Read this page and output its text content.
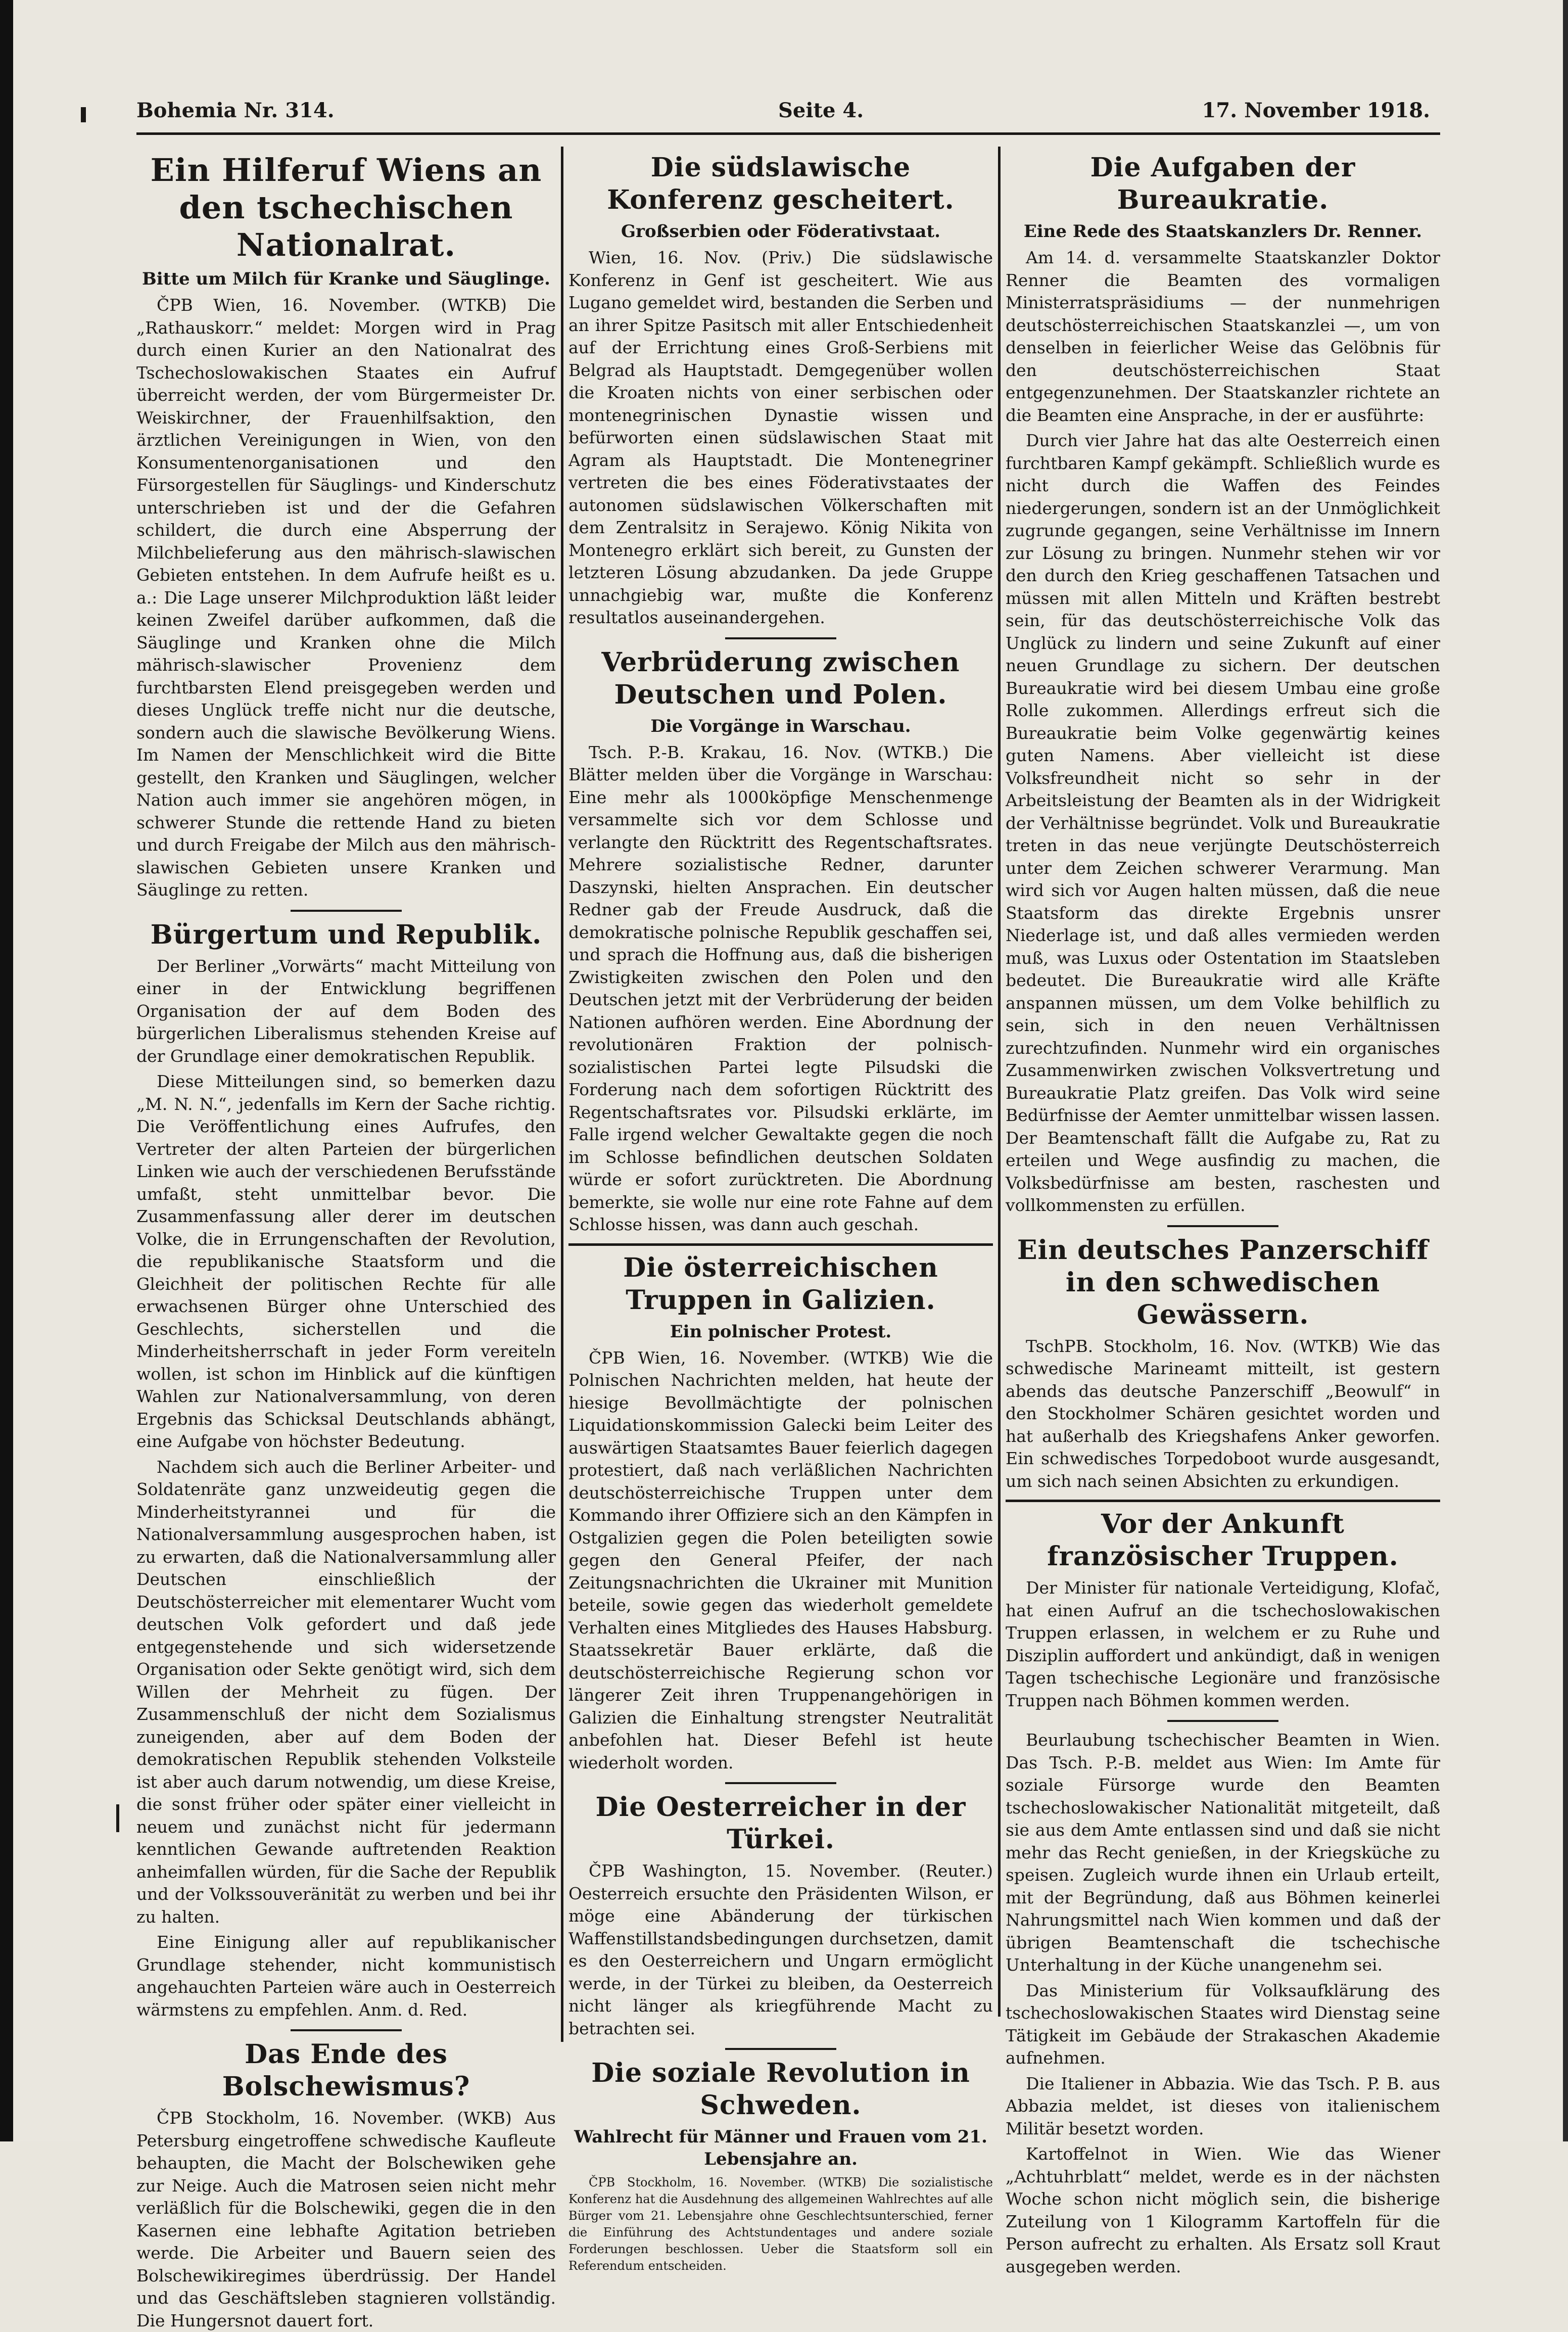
Bohemia Nr. 314.	Seite 4.	17. November 1918.
Ein Hilferuf Wiens an den tschechischen Nationalrat.
Bitte um Milch für Kranke und Säuglinge.

ČPB Wien, 16. November. (WTKB) Die „Rathauskorr.“ meldet: Morgen wird in Prag durch einen Kurier an den Nationalrat des Tschechoslowakischen Staates ein Aufruf überreicht werden, der vom Bürgermeister Dr. Weiskirchner, der Frauenhilfsaktion, den ärztlichen Vereinigungen in Wien, von den Konsumentenorganisationen und den Fürsorgestellen für Säuglings- und Kinderschutz unterschrieben ist und der die Gefahren schildert, die durch eine Absperrung der Milchbelieferung aus den mährisch-slawischen Gebieten entstehen. In dem Aufrufe heißt es u. a.: Die Lage unserer Milchproduktion läßt leider keinen Zweifel darüber aufkommen, daß die Säuglinge und Kranken ohne die Milch mährisch-slawischer Provenienz dem furchtbarsten Elend preisgegeben werden und dieses Unglück treffe nicht nur die deutsche, sondern auch die slawische Bevölkerung Wiens. Im Namen der Menschlichkeit wird die Bitte gestellt, den Kranken und Säuglingen, welcher Nation auch immer sie angehören mögen, in schwerer Stunde die rettende Hand zu bieten und durch Freigabe der Milch aus den mährisch-slawischen Gebieten unsere Kranken und Säuglinge zu retten.

Bürgertum und Republik.

Der Berliner „Vorwärts“ macht Mitteilung von einer in der Entwicklung begriffenen Organisation der auf dem Boden des bürgerlichen Liberalismus stehenden Kreise auf der Grundlage einer demokratischen Republik.

Diese Mitteilungen sind, so bemerken dazu „M. N. N.“, jedenfalls im Kern der Sache richtig. Die Veröffentlichung eines Aufrufes, den Vertreter der alten Parteien der bürgerlichen Linken wie auch der verschiedenen Berufsstände umfaßt, steht unmittelbar bevor. Die Zusammenfassung aller derer im deutschen Volke, die in Errungenschaften der Revolution, die republikanische Staatsform und die Gleichheit der politischen Rechte für alle erwachsenen Bürger ohne Unterschied des Geschlechts, sicherstellen und die Minderheitsherrschaft in jeder Form vereiteln wollen, ist schon im Hinblick auf die künftigen Wahlen zur Nationalversammlung, von deren Ergebnis das Schicksal Deutschlands abhängt, eine Aufgabe von höchster Bedeutung.

Nachdem sich auch die Berliner Arbeiter- und Soldatenräte ganz unzweideutig gegen die Minderheitstyrannei und für die Nationalversammlung ausgesprochen haben, ist zu erwarten, daß die Nationalversammlung aller Deutschen einschließlich der Deutschösterreicher mit elementarer Wucht vom deutschen Volk gefordert und daß jede entgegenstehende und sich widersetzende Organisation oder Sekte genötigt wird, sich dem Willen der Mehrheit zu fügen. Der Zusammenschluß der nicht dem Sozialismus zuneigenden, aber auf dem Boden der demokratischen Republik stehenden Volksteile ist aber auch darum notwendig, um diese Kreise, die sonst früher oder später einer vielleicht in neuem und zunächst nicht für jedermann kenntlichen Gewande auftretenden Reaktion anheimfallen würden, für die Sache der Republik und der Volkssouveränität zu werben und bei ihr zu halten.

Eine Einigung aller auf republikanischer Grundlage stehender, nicht kommunistisch angehauchten Parteien wäre auch in Oesterreich wärmstens zu empfehlen. Anm. d. Red.

Das Ende des Bolschewismus?

ČPB Stockholm, 16. November. (WKB) Aus Petersburg eingetroffene schwedische Kaufleute behaupten, die Macht der Bolschewiken gehe zur Neige. Auch die Matrosen seien nicht mehr verläßlich für die Bolschewiki, gegen die in den Kasernen eine lebhafte Agitation betrieben werde. Die Arbeiter und Bauern seien des Bolschewikiregimes überdrüssig. Der Handel und das Geschäftsleben stagnieren vollständig. Die Hungersnot dauert fort.

Die südslawische Konferenz gescheitert.
Großserbien oder Föderativstaat.

Wien, 16. Nov. (Priv.) Die südslawische Konferenz in Genf ist gescheitert. Wie aus Lugano gemeldet wird, bestanden die Serben und an ihrer Spitze Pasitsch mit aller Entschiedenheit auf der Errichtung eines Groß-Serbiens mit Belgrad als Hauptstadt. Demgegenüber wollen die Kroaten nichts von einer serbischen oder montenegrinischen Dynastie wissen und befürworten einen südslawischen Staat mit Agram als Hauptstadt. Die Montenegriner vertreten die bes eines Föderativstaates der autonomen südslawischen Völkerschaften mit dem Zentralsitz in Serajewo. König Nikita von Montenegro erklärt sich bereit, zu Gunsten der letzteren Lösung abzudanken. Da jede Gruppe unnachgiebig war, mußte die Konferenz resultatlos auseinandergehen.

Verbrüderung zwischen Deutschen und Polen.
Die Vorgänge in Warschau.

Tsch. P.-B. Krakau, 16. Nov. (WTKB.) Die Blätter melden über die Vorgänge in Warschau: Eine mehr als 1000köpfige Menschenmenge versammelte sich vor dem Schlosse und verlangte den Rücktritt des Regentschaftsrates. Mehrere sozialistische Redner, darunter Daszynski, hielten Ansprachen. Ein deutscher Redner gab der Freude Ausdruck, daß die demokratische polnische Republik geschaffen sei, und sprach die Hoffnung aus, daß die bisherigen Zwistigkeiten zwischen den Polen und den Deutschen jetzt mit der Verbrüderung der beiden Nationen aufhören werden. Eine Abordnung der revolutionären Fraktion der polnisch-sozialistischen Partei legte Pilsudski die Forderung nach dem sofortigen Rücktritt des Regentschaftsrates vor. Pilsudski erklärte, im Falle irgend welcher Gewaltakte gegen die noch im Schlosse befindlichen deutschen Soldaten würde er sofort zurücktreten. Die Abordnung bemerkte, sie wolle nur eine rote Fahne auf dem Schlosse hissen, was dann auch geschah.

Die österreichischen Truppen in Galizien.
Ein polnischer Protest.

ČPB Wien, 16. November. (WTKB) Wie die Polnischen Nachrichten melden, hat heute der hiesige Bevollmächtigte der polnischen Liquidationskommission Galecki beim Leiter des auswärtigen Staatsamtes Bauer feierlich dagegen protestiert, daß nach verläßlichen Nachrichten deutschösterreichische Truppen unter dem Kommando ihrer Offiziere sich an den Kämpfen in Ostgalizien gegen die Polen beteiligten sowie gegen den General Pfeifer, der nach Zeitungsnachrichten die Ukrainer mit Munition beteile, sowie gegen das wiederholt gemeldete Verhalten eines Mitgliedes des Hauses Habsburg. Staatssekretär Bauer erklärte, daß die deutschösterreichische Regierung schon vor längerer Zeit ihren Truppenangehörigen in Galizien die Einhaltung strengster Neutralität anbefohlen hat. Dieser Befehl ist heute wiederholt worden.

Die Oesterreicher in der Türkei.

ČPB Washington, 15. November. (Reuter.) Oesterreich ersuchte den Präsidenten Wilson, er möge eine Abänderung der türkischen Waffenstillstandsbedingungen durchsetzen, damit es den Oesterreichern und Ungarn ermöglicht werde, in der Türkei zu bleiben, da Oesterreich nicht länger als kriegführende Macht zu betrachten sei.

Die soziale Revolution in Schweden.
Wahlrecht für Männer und Frauen vom 21. Lebensjahre an.

ČPB Stockholm, 16. November. (WTKB) Die sozialistische Konferenz hat die Ausdehnung des allgemeinen Wahlrechtes auf alle Bürger vom 21. Lebensjahre ohne Geschlechtsunterschied, ferner die Einführung des Achtstundentages und andere soziale Forderungen beschlossen. Ueber die Staatsform soll ein Referendum entscheiden.

Die Aufgaben der Bureaukratie.
Eine Rede des Staatskanzlers Dr. Renner.

Am 14. d. versammelte Staatskanzler Doktor Renner die Beamten des vormaligen Ministerratspräsidiums — der nunmehrigen deutschösterreichischen Staatskanzlei —, um von denselben in feierlicher Weise das Gelöbnis für den deutschösterreichischen Staat entgegenzunehmen. Der Staatskanzler richtete an die Beamten eine Ansprache, in der er ausführte:

Durch vier Jahre hat das alte Oesterreich einen furchtbaren Kampf gekämpft. Schließlich wurde es nicht durch die Waffen des Feindes niedergerungen, sondern ist an der Unmöglichkeit zugrunde gegangen, seine Verhältnisse im Innern zur Lösung zu bringen. Nunmehr stehen wir vor den durch den Krieg geschaffenen Tatsachen und müssen mit allen Mitteln und Kräften bestrebt sein, für das deutschösterreichische Volk das Unglück zu lindern und seine Zukunft auf einer neuen Grundlage zu sichern. Der deutschen Bureaukratie wird bei diesem Umbau eine große Rolle zukommen. Allerdings erfreut sich die Bureaukratie beim Volke gegenwärtig keines guten Namens. Aber vielleicht ist diese Volksfreundheit nicht so sehr in der Arbeitsleistung der Beamten als in der Widrigkeit der Verhältnisse begründet. Volk und Bureaukratie treten in das neue verjüngte Deutschösterreich unter dem Zeichen schwerer Verarmung. Man wird sich vor Augen halten müssen, daß die neue Staatsform das direkte Ergebnis unsrer Niederlage ist, und daß alles vermieden werden muß, was Luxus oder Ostentation im Staatsleben bedeutet. Die Bureaukratie wird alle Kräfte anspannen müssen, um dem Volke behilflich zu sein, sich in den neuen Verhältnissen zurechtzufinden. Nunmehr wird ein organisches Zusammenwirken zwischen Volksvertretung und Bureaukratie Platz greifen. Das Volk wird seine Bedürfnisse der Aemter unmittelbar wissen lassen. Der Beamtenschaft fällt die Aufgabe zu, Rat zu erteilen und Wege ausfindig zu machen, die Volksbedürfnisse am besten, raschesten und vollkommensten zu erfüllen.

Ein deutsches Panzerschiff in den schwedischen Gewässern.

TschPB. Stockholm, 16. Nov. (WTKB) Wie das schwedische Marineamt mitteilt, ist gestern abends das deutsche Panzerschiff „Beowulf“ in den Stockholmer Schären gesichtet worden und hat außerhalb des Kriegshafens Anker geworfen. Ein schwedisches Torpedoboot wurde ausgesandt, um sich nach seinen Absichten zu erkundigen.

Vor der Ankunft französischer Truppen.

Der Minister für nationale Verteidigung, Klofač, hat einen Aufruf an die tschechoslowakischen Truppen erlassen, in welchem er zu Ruhe und Disziplin auffordert und ankündigt, daß in wenigen Tagen tschechische Legionäre und französische Truppen nach Böhmen kommen werden.

Beurlaubung tschechischer Beamten in Wien. Das Tsch. P.-B. meldet aus Wien: Im Amte für soziale Fürsorge wurde den Beamten tschechoslowakischer Nationalität mitgeteilt, daß sie aus dem Amte entlassen sind und daß sie nicht mehr das Recht genießen, in der Kriegsküche zu speisen. Zugleich wurde ihnen ein Urlaub erteilt, mit der Begründung, daß aus Böhmen keinerlei Nahrungsmittel nach Wien kommen und daß der übrigen Beamtenschaft die tschechische Unterhaltung in der Küche unangenehm sei.

Das Ministerium für Volksaufklärung des tschechoslowakischen Staates wird Dienstag seine Tätigkeit im Gebäude der Strakaschen Akademie aufnehmen.

Die Italiener in Abbazia. Wie das Tsch. P. B. aus Abbazia meldet, ist dieses von italienischem Militär besetzt worden.

Kartoffelnot in Wien. Wie das Wiener „Achtuhrblatt“ meldet, werde es in der nächsten Woche schon nicht möglich sein, die bisherige Zuteilung von 1 Kilogramm Kartoffeln für die Person aufrecht zu erhalten. Als Ersatz soll Kraut ausgegeben werden.
